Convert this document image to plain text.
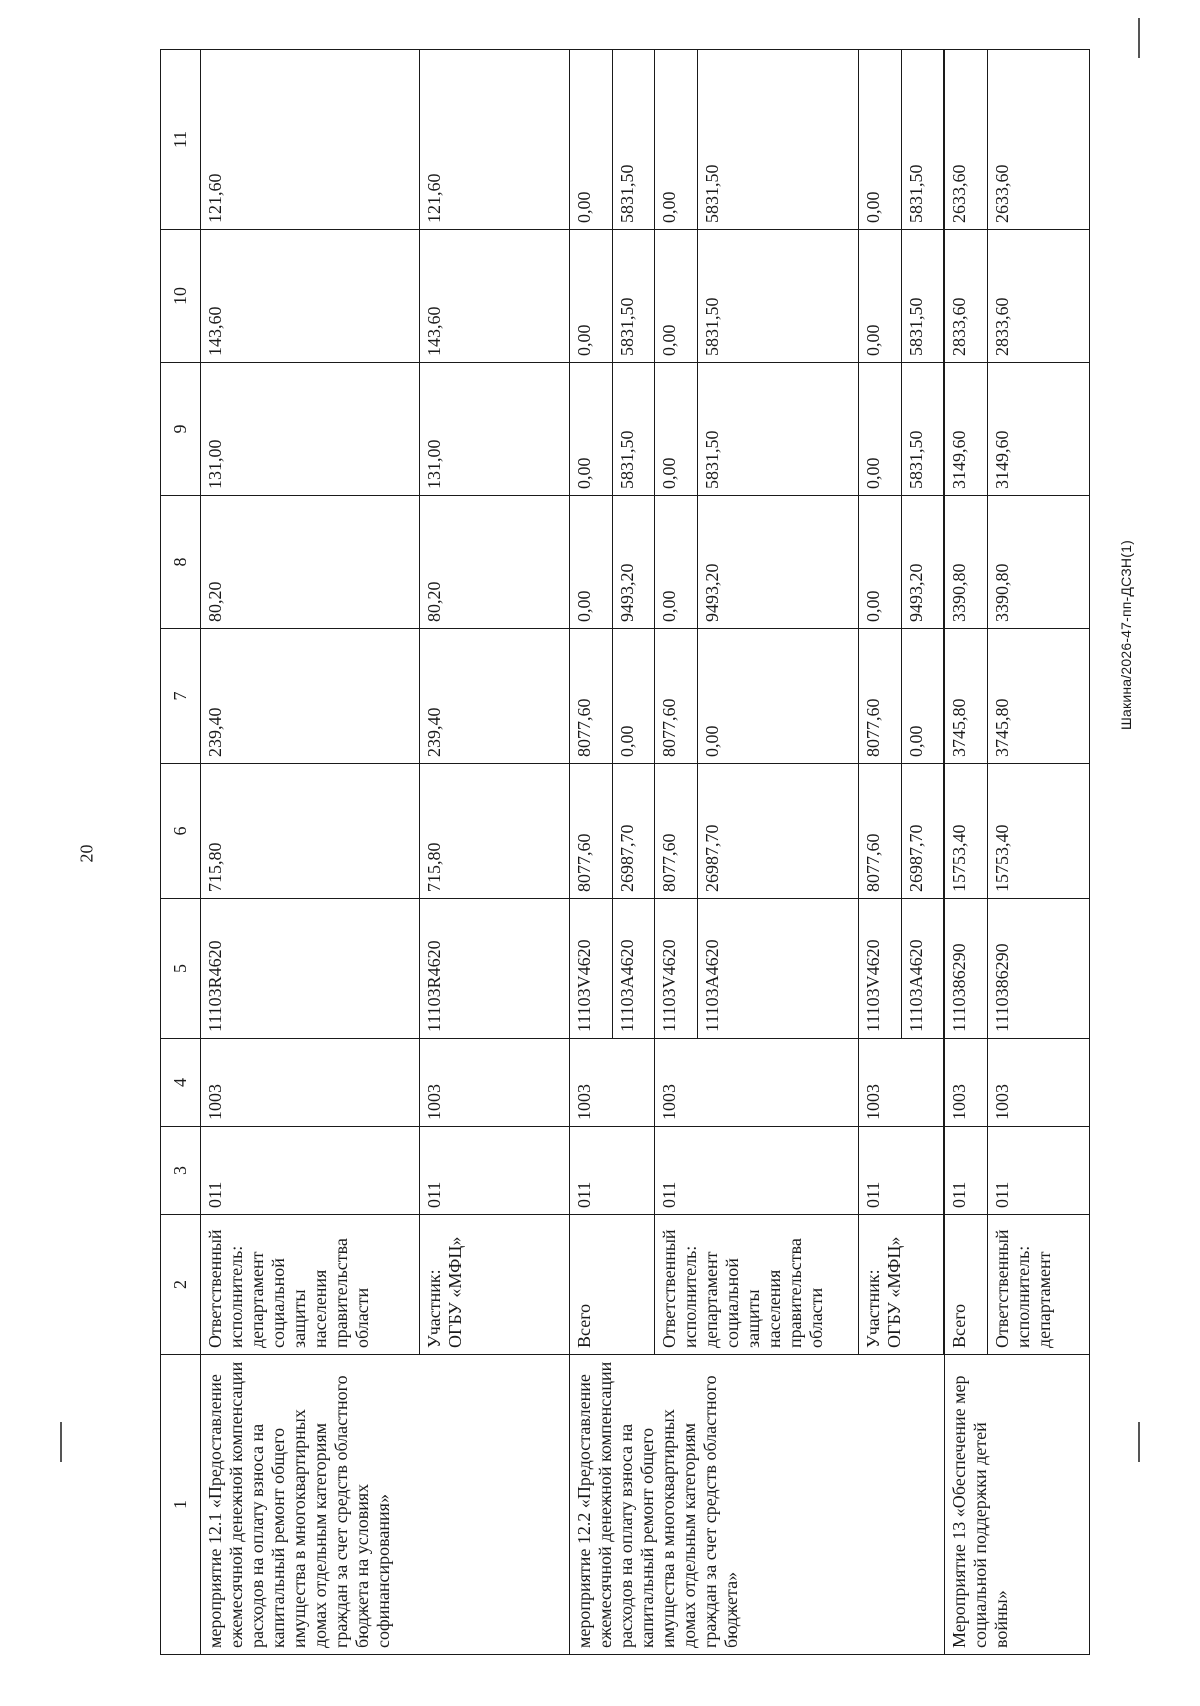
20
Шакина/2026-47-пп-ДСЗН(1)
1	2	3	4	5	6	7	8	9	10	11
мероприятие 12.1 «Предоставление ежемесячной денежной компенсации расходов на оплату взноса на капитальный ремонт общего имущества в многоквартирных домах отдельным категориям граждан за счет средств областного бюджета на условиях софинансирования»	Ответственный исполнитель: департамент социальной защиты населения правительства области	011	1003	11103R4620	715,80	239,40	80,20	131,00	143,60	121,60
	Участник: ОГБУ «МФЦ»	011	1003	11103R4620	715,80	239,40	80,20	131,00	143,60	121,60
мероприятие 12.2 «Предоставление ежемесячной денежной компенсации расходов на оплату взноса на капитальный ремонт общего имущества в многоквартирных домах отдельным категориям граждан за счет средств областного бюджета»	Всего	011	1003	11103V4620	8077,60	8077,60	0,00	0,00	0,00	0,00
				11103A4620	26987,70	0,00	9493,20	5831,50	5831,50	5831,50
	Ответственный исполнитель: департамент социальной защиты населения правительства области	011	1003	11103V4620	8077,60	8077,60	0,00	0,00	0,00	0,00
				11103A4620	26987,70	0,00	9493,20	5831,50	5831,50	5831,50
	Участник: ОГБУ «МФЦ»	011	1003	11103V4620	8077,60	8077,60	0,00	0,00	0,00	0,00
				11103A4620	26987,70	0,00	9493,20	5831,50	5831,50	5831,50

Мероприятие 13 «Обеспечение мер социальной поддержки детей войны»	Всего	011	1003	1110386290	15753,40	3745,80	3390,80	3149,60	2833,60	2633,60
	Ответственный исполнитель: департамент	011	1003	1110386290	15753,40	3745,80	3390,80	3149,60	2833,60	2633,60
